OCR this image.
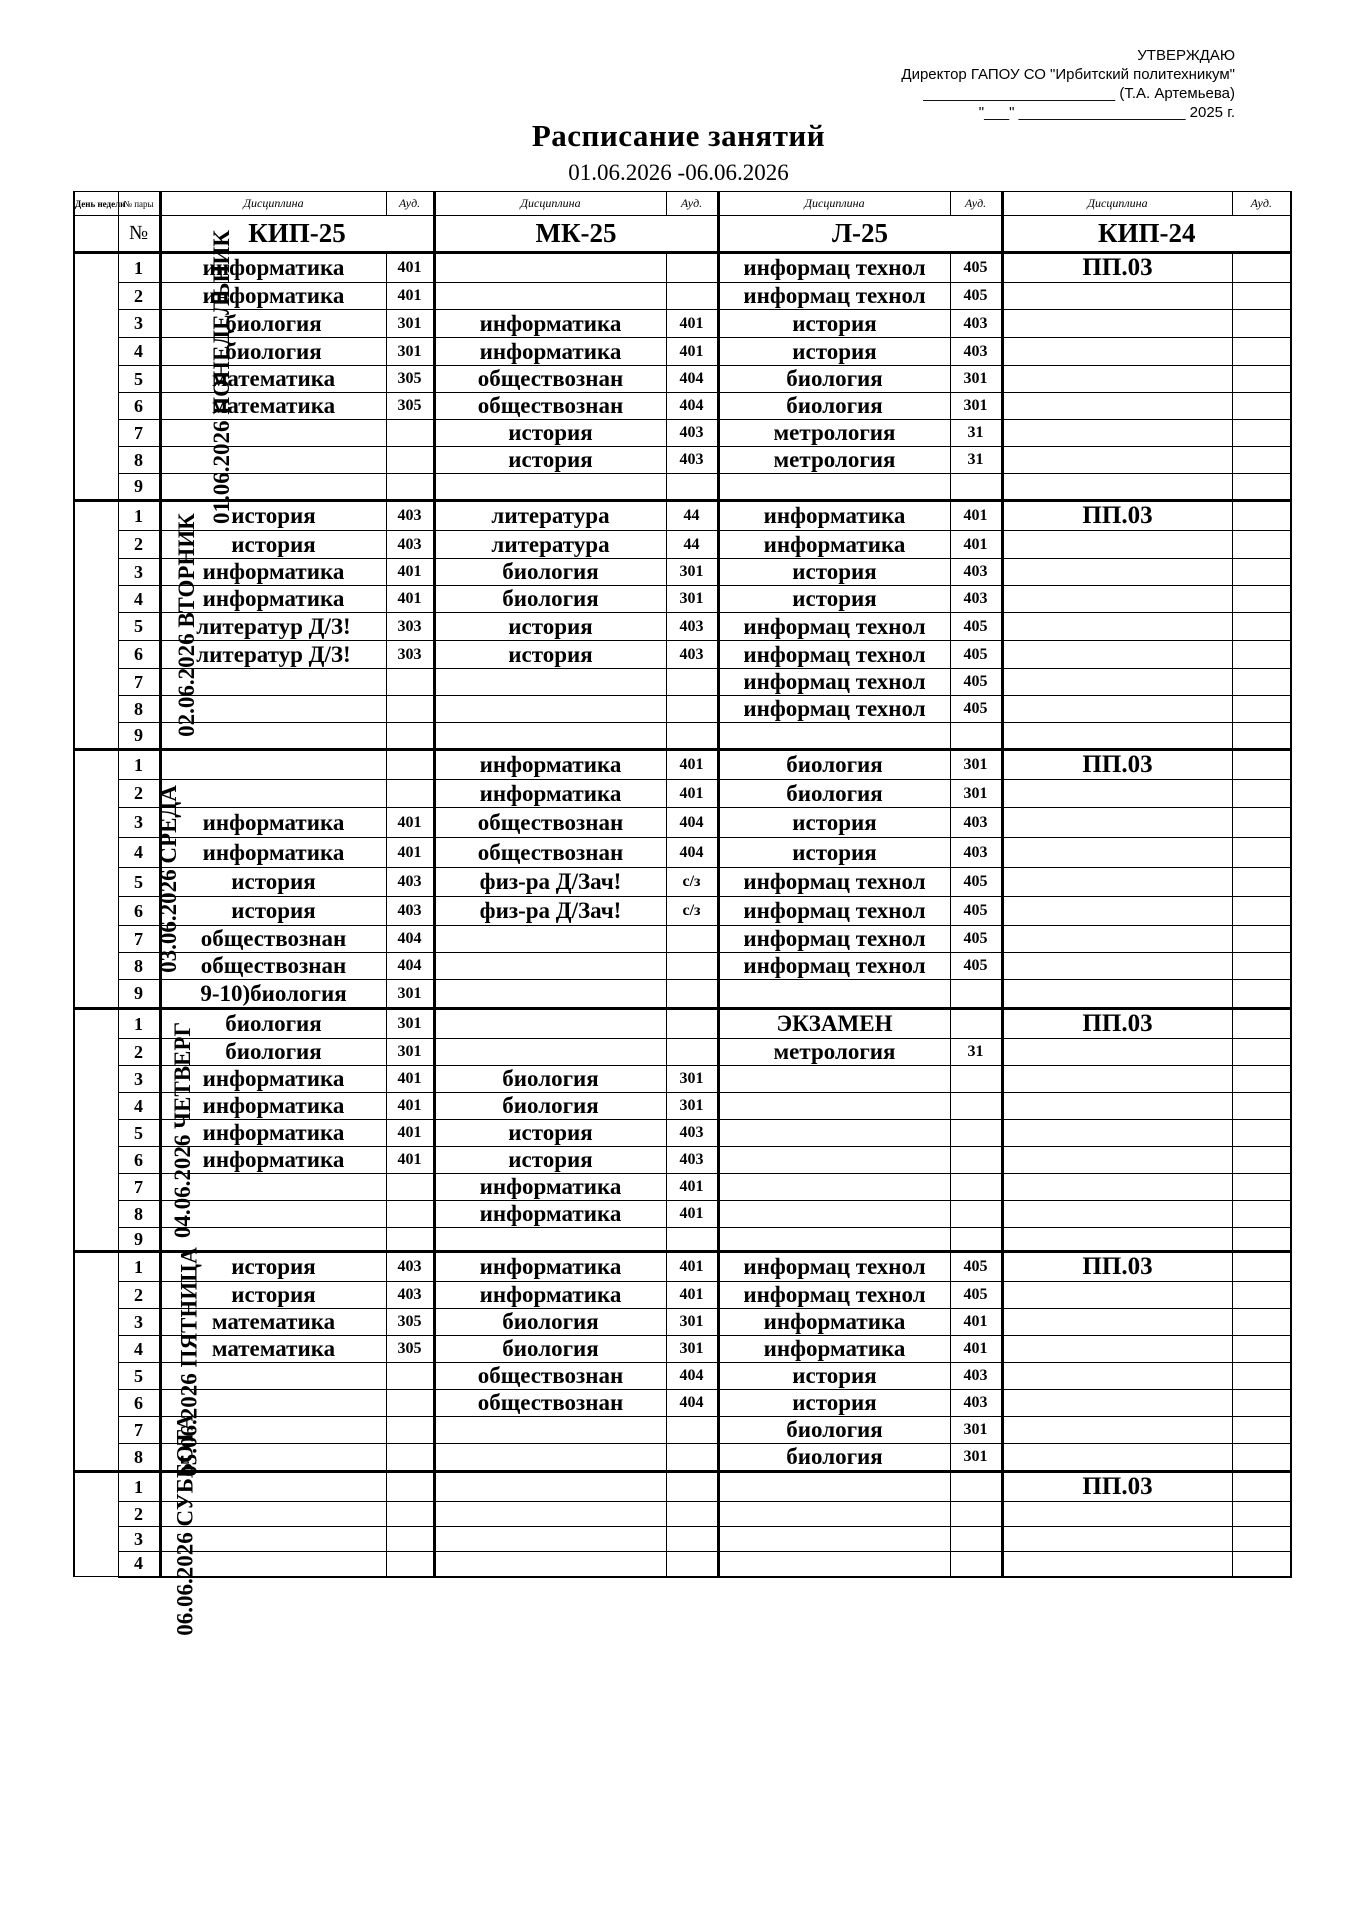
УТВЕРЖДАЮ
Директор ГАПОУ СО "Ирбитский политехникум"
_______________________ (Т.А. Артемьева)
"___" ____________________ 2025 г.
Расписание занятий
01.06.2026 -06.06.2026
День недели	№ пары	Дисциплина	Ауд.	Дисциплина	Ауд.	Дисциплина	Ауд.	Дисциплина	Ауд.
	№	КИП-25		МК-25		Л-25		КИП-24	
01.06.2026 ПОНЕДЕЛЬНИК	1	информатика	401			информац технол	405	ПП.03	
	2	информатика	401			информац технол	405		
	3	биология	301	информатика	401	история	403		
	4	биология	301	информатика	401	история	403		
	5	математика	305	обществознан	404	биология	301		
	6	математика	305	обществознан	404	биология	301		
	7			история	403	метрология	31		
	8			история	403	метрология	31		
	9								
02.06.2026 ВТОРНИК	1	история	403	литература	44	информатика	401	ПП.03	
	2	история	403	литература	44	информатика	401		
	3	информатика	401	биология	301	история	403		
	4	информатика	401	биология	301	история	403		
	5	литератур Д/З!	303	история	403	информац технол	405		
	6	литератур Д/З!	303	история	403	информац технол	405		
	7					информац технол	405		
	8					информац технол	405		
	9								
03.06.2026 СРЕДА	1			информатика	401	биология	301	ПП.03	
	2			информатика	401	биология	301		
	3	информатика	401	обществознан	404	история	403		
	4	информатика	401	обществознан	404	история	403		
	5	история	403	физ-ра Д/Зач!	с/з	информац технол	405		
	6	история	403	физ-ра Д/Зач!	с/з	информац технол	405		
	7	обществознан	404			информац технол	405		
	8	обществознан	404			информац технол	405		
	9	9-10)биология	301						
04.06.2026 ЧЕТВЕРГ	1	биология	301			ЭКЗАМЕН		ПП.03	
	2	биология	301			метрология	31		
	3	информатика	401	биология	301				
	4	информатика	401	биология	301				
	5	информатика	401	история	403				
	6	информатика	401	история	403				
	7			информатика	401				
	8			информатика	401				
	9								
05.06.2026 ПЯТНИЦА	1	история	403	информатика	401	информац технол	405	ПП.03	
	2	история	403	информатика	401	информац технол	405		
	3	математика	305	биология	301	информатика	401		
	4	математика	305	биология	301	информатика	401		
	5			обществознан	404	история	403		
	6			обществознан	404	история	403		
	7					биология	301		
	8					биология	301		
06.06.2026 СУББОТА	1							ПП.03	
	2								
	3								
	4								
